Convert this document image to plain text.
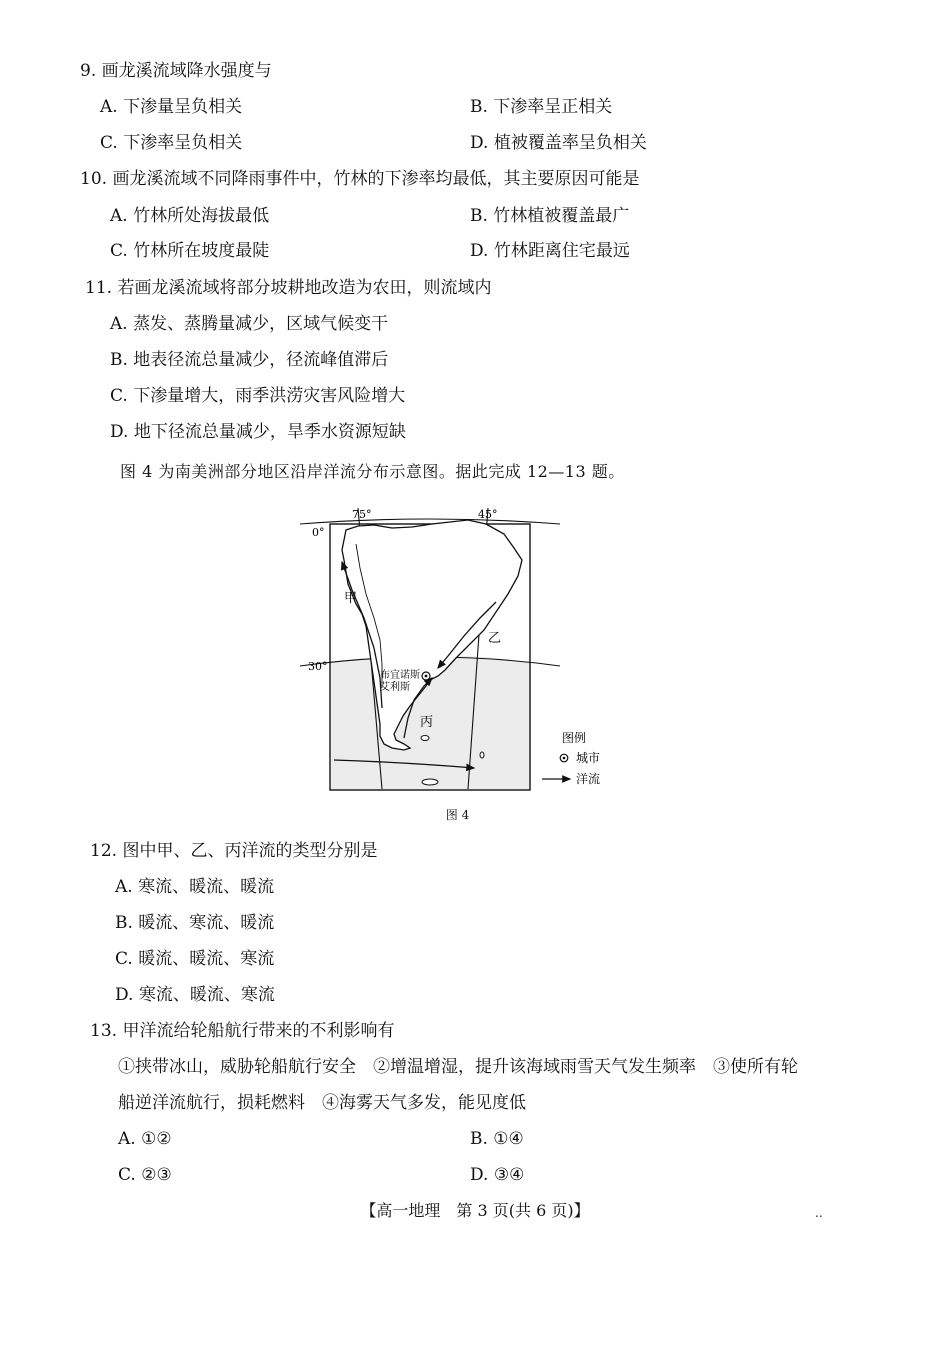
9. 画龙溪流域降水强度与
A. 下渗量呈负相关	B. 下渗率呈正相关
C. 下渗率呈负相关	D. 植被覆盖率呈负相关
10. 画龙溪流域不同降雨事件中，竹林的下渗率均最低，其主要原因可能是
A. 竹林所处海拔最低	B. 竹林植被覆盖最广
C. 竹林所在坡度最陡	D. 竹林距离住宅最远
11. 若画龙溪流域将部分坡耕地改造为农田，则流域内
A. 蒸发、蒸腾量减少，区域气候变干
B. 地表径流总量减少，径流峰值滞后
C. 下渗量增大，雨季洪涝灾害风险增大
D. 地下径流总量减少，旱季水资源短缺
图 4 为南美洲部分地区沿岸洋流分布示意图。据此完成 12—13 题。
75°	45°
0°
30°
甲
乙
丙
布宜诺斯
艾利斯
图例
城市
洋流
图 4
12. 图中甲、乙、丙洋流的类型分别是
A. 寒流、暖流、暖流
B. 暖流、寒流、暖流
C. 暖流、暖流、寒流
D. 寒流、暖流、寒流
13. 甲洋流给轮船航行带来的不利影响有
①挟带冰山，威胁轮船航行安全　②增温增湿，提升该海域雨雪天气发生频率　③使所有轮
船逆洋流航行，损耗燃料　④海雾天气多发，能见度低
A. ①②	B. ①④
C. ②③	D. ③④
【高一地理　第 3 页(共 6 页)】	..
